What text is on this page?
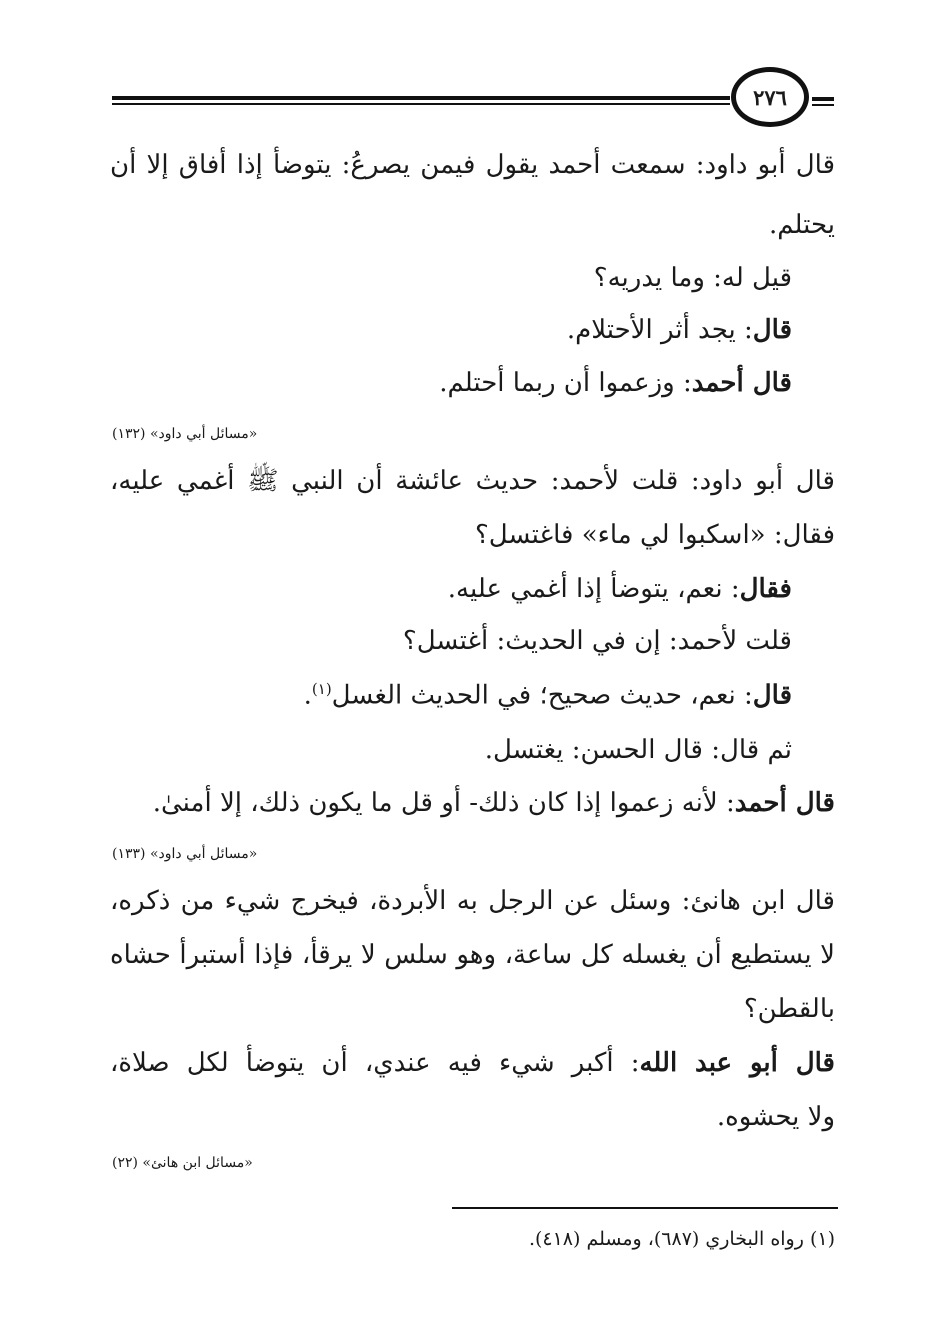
٢٧٦
قال أبو داود: سمعت أحمد يقول فيمن يصرعُ: يتوضأ إذا أفاق إلا أن
يحتلم.
قيل له: وما يدريه؟
قال: يجد أثر الأحتلام.
قال أحمد: وزعموا أن ربما أحتلم.
«مسائل أبي داود» (١٣٢)
قال أبو داود: قلت لأحمد: حديث عائشة أن النبي ﷺ أغمي عليه،
فقال: «اسكبوا لي ماء» فاغتسل؟
فقال: نعم، يتوضأ إذا أغمي عليه.
قلت لأحمد: إن في الحديث: أغتسل؟
قال: نعم، حديث صحيح؛ في الحديث الغسل$^{(١)}$.
ثم قال: قال الحسن: يغتسل.
قال أحمد: لأنه زعموا إذا كان ذلك- أو قل ما يكون ذلك، إلا أمنىٰ.
«مسائل أبي داود» (١٣٣)
قال ابن هانئ: وسئل عن الرجل به الأبردة، فيخرج شيء من ذكره،
لا يستطيع أن يغسله كل ساعة، وهو سلس لا يرقأ، فإذا أستبرأ حشاه
بالقطن؟
قال أبو عبد الله: أكبر شيء فيه عندي، أن يتوضأ لكل صلاة،
ولا يحشوه.
«مسائل ابن هانئ» (٢٢)
(١) رواه البخاري (٦٨٧)، ومسلم (٤١٨).
